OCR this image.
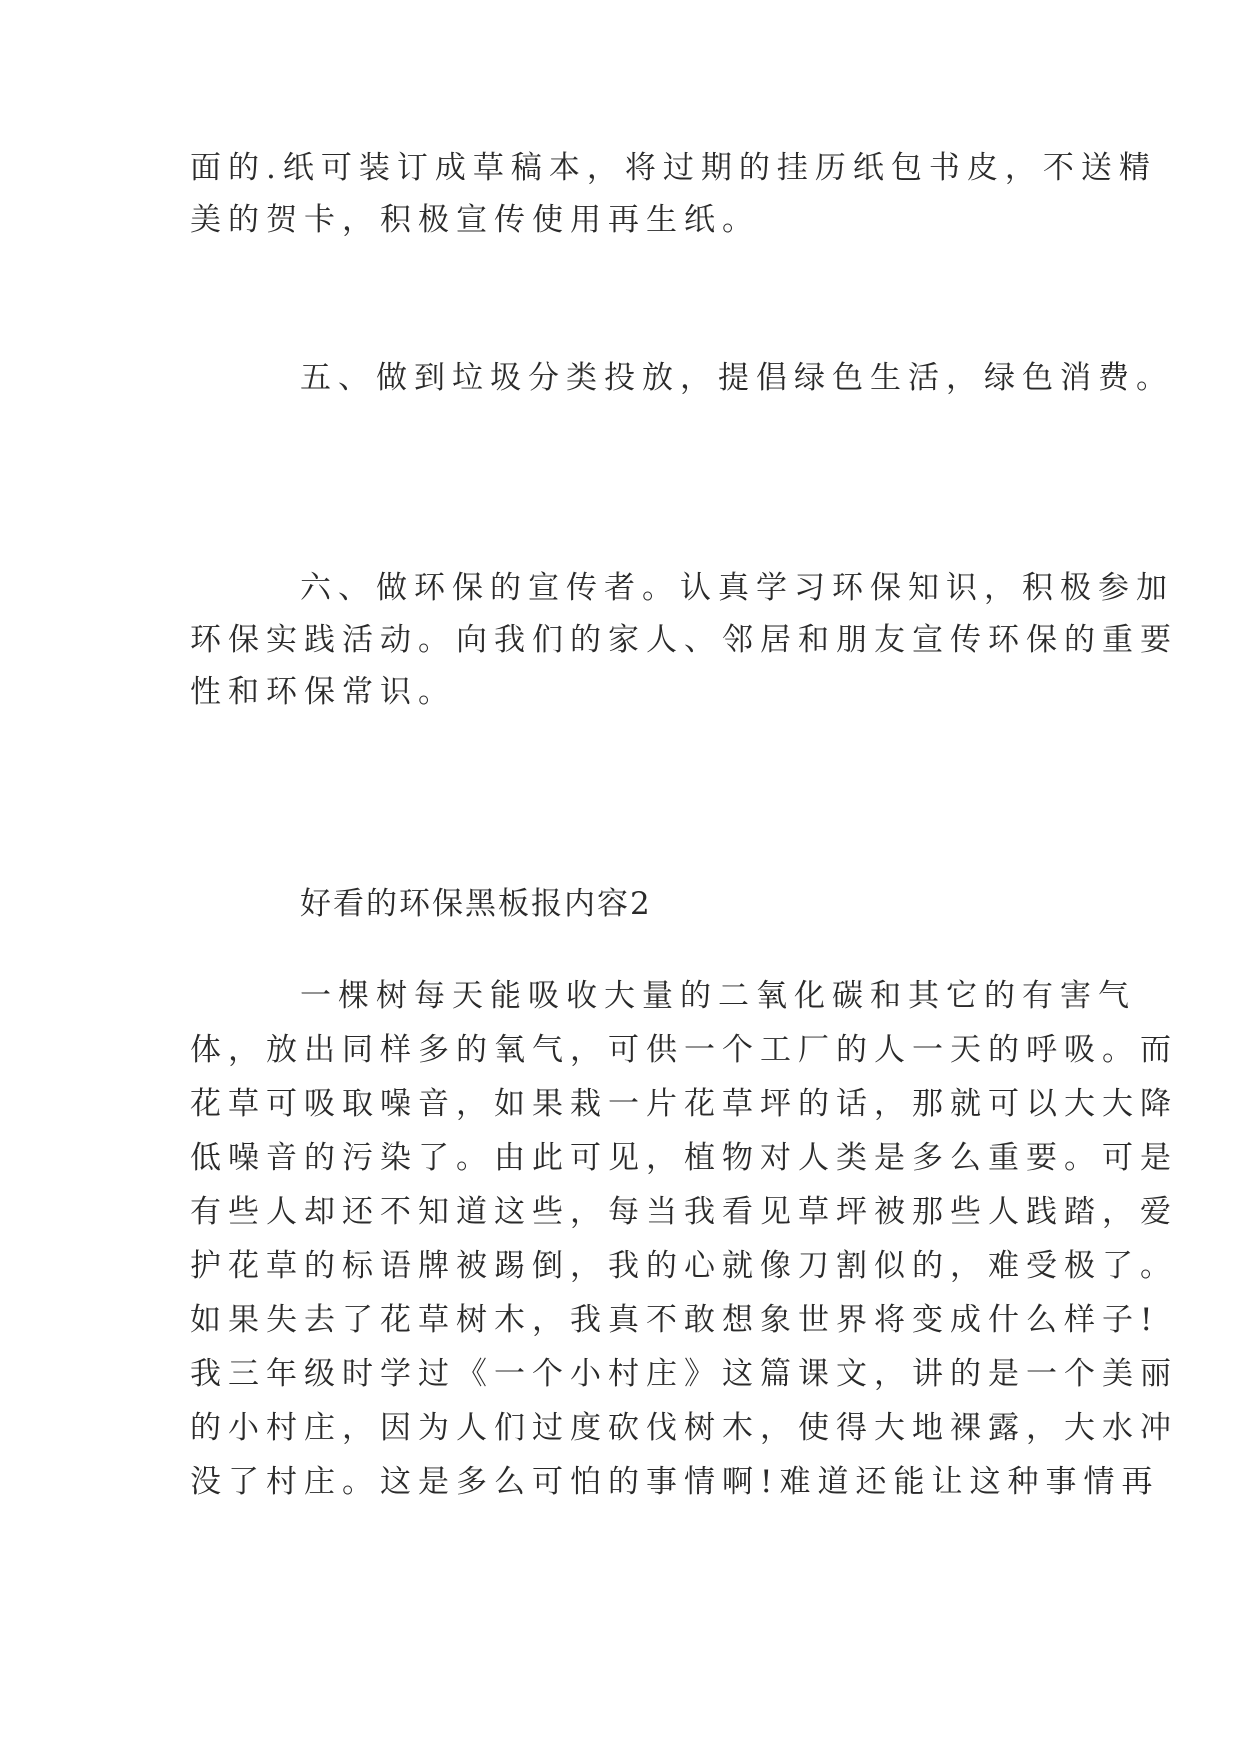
面的.纸可装订成草稿本，将过期的挂历纸包书皮，不送精
美的贺卡，积极宣传使用再生纸。
五、做到垃圾分类投放，提倡绿色生活，绿色消费。
六、做环保的宣传者。认真学习环保知识，积极参加
环保实践活动。向我们的家人、邻居和朋友宣传环保的重要
性和环保常识。
好看的环保黑板报内容2
一棵树每天能吸收大量的二氧化碳和其它的有害气
体，放出同样多的氧气，可供一个工厂的人一天的呼吸。而
花草可吸取噪音，如果栽一片花草坪的话，那就可以大大降
低噪音的污染了。由此可见，植物对人类是多么重要。可是
有些人却还不知道这些，每当我看见草坪被那些人践踏，爱
护花草的标语牌被踢倒，我的心就像刀割似的，难受极了。
如果失去了花草树木，我真不敢想象世界将变成什么样子!
我三年级时学过《一个小村庄》这篇课文，讲的是一个美丽
的小村庄，因为人们过度砍伐树木，使得大地裸露，大水冲
没了村庄。这是多么可怕的事情啊!难道还能让这种事情再
